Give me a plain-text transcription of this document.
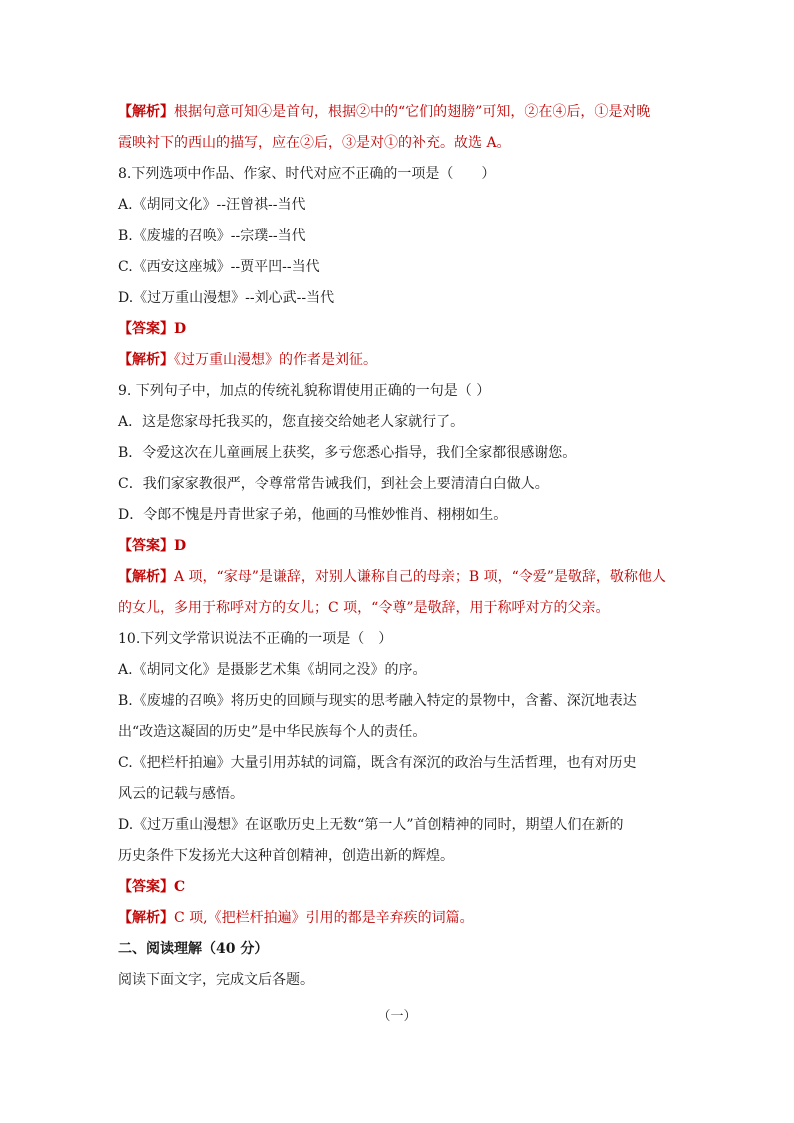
【解析】根据句意可知④是首句，根据②中的“它们的翅膀”可知，②在④后，①是对晚
霞映衬下的西山的描写，应在②后，③是对①的补充。故选 A。
8.下列选项中作品、作家、时代对应不正确的一项是（　　）
A.《胡同文化》--汪曾祺--当代
B.《废墟的召唤》--宗璞--当代
C.《西安这座城》--贾平凹--当代
D.《过万重山漫想》--刘心武--当代
【答案】D
【解析】《过万重山漫想》的作者是刘征。
9. 下列句子中，加点的传统礼貌称谓使用正确的一句是（ ）
A．这是您家母托我买的，您直接交给她老人家就行了。
B．令爱这次在儿童画展上获奖，多亏您悉心指导，我们全家都很感谢您。
C．我们家家教很严，令尊常常告诫我们，到社会上要清清白白做人。
D．令郎不愧是丹青世家子弟，他画的马惟妙惟肖、栩栩如生。
【答案】D
【解析】A 项，“家母”是谦辞，对别人谦称自己的母亲；B 项，“令爱”是敬辞，敬称他人
的女儿，多用于称呼对方的女儿；C 项，“令尊”是敬辞，用于称呼对方的父亲。
10.下列文学常识说法不正确的一项是（　）
A.《胡同文化》是摄影艺术集《胡同之没》的序。
B.《废墟的召唤》将历史的回顾与现实的思考融入特定的景物中，含蓄、深沉地表达
出“改造这凝固的历史”是中华民族每个人的责任。
C.《把栏杆拍遍》大量引用苏轼的词篇，既含有深沉的政治与生活哲理，也有对历史
风云的记载与感悟。
D.《过万重山漫想》在讴歌历史上无数“第一人”首创精神的同时，期望人们在新的
历史条件下发扬光大这种首创精神，创造出新的辉煌。
【答案】C
【解析】C 项,《把栏杆拍遍》引用的都是辛弃疾的词篇。
二、阅读理解（40 分）
阅读下面文字，完成文后各题。
（一）
